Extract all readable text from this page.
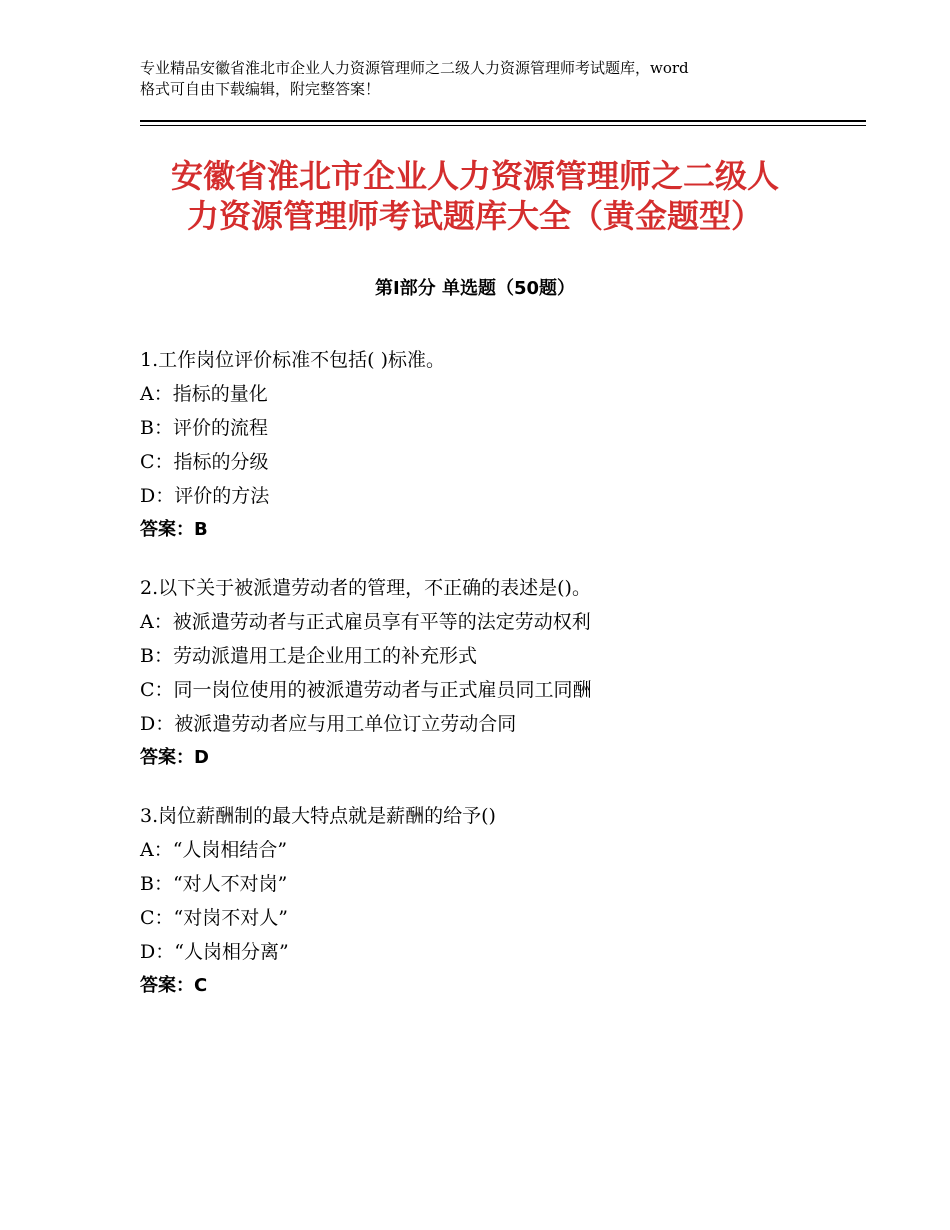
专业精品安徽省淮北市企业人力资源管理师之二级人力资源管理师考试题库，word
格式可自由下载编辑，附完整答案！
安徽省淮北市企业人力资源管理师之二级人
力资源管理师考试题库大全（黄金题型）
第Ⅰ部分 单选题（50题）
1.工作岗位评价标准不包括( )标准。
A：指标的量化
B：评价的流程
C：指标的分级
D：评价的方法
答案：B
2.以下关于被派遣劳动者的管理，不正确的表述是()。
A：被派遣劳动者与正式雇员享有平等的法定劳动权利
B：劳动派遣用工是企业用工的补充形式
C：同一岗位使用的被派遣劳动者与正式雇员同工同酬
D：被派遣劳动者应与用工单位订立劳动合同
答案：D
3.岗位薪酬制的最大特点就是薪酬的给予()
A：“人岗相结合”
B：“对人不对岗”
C：“对岗不对人”
D：“人岗相分离”
答案：C
